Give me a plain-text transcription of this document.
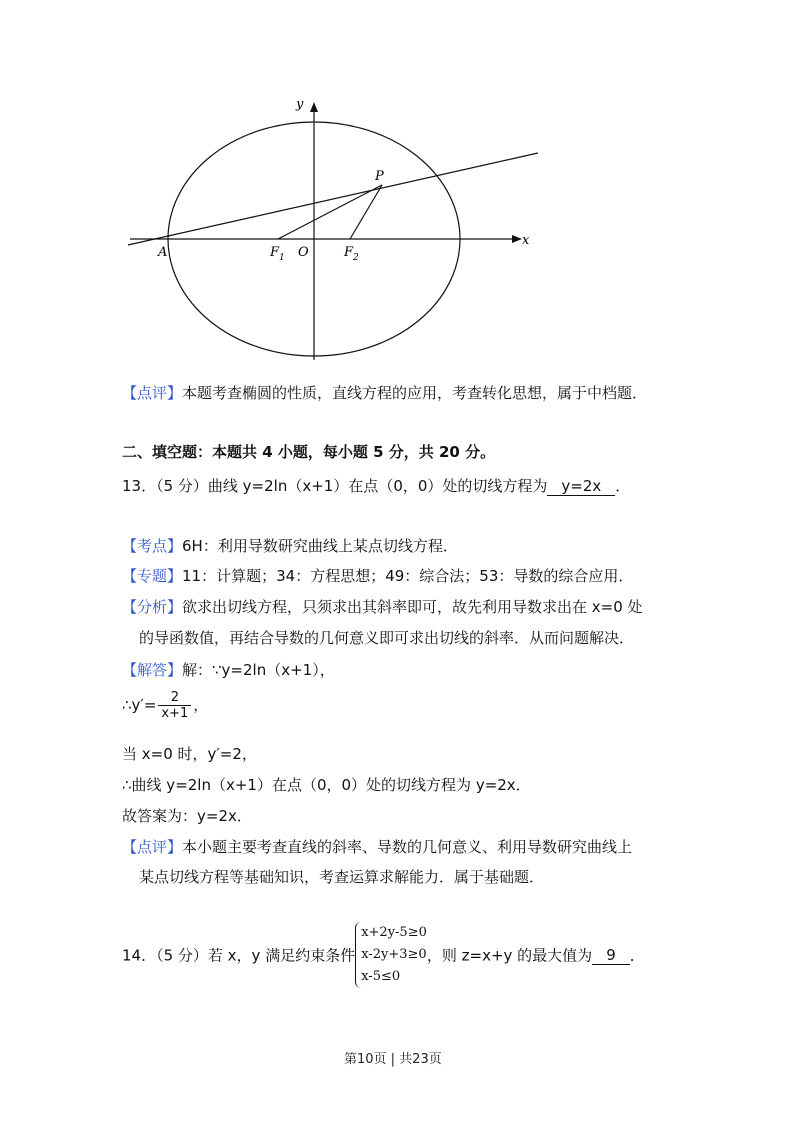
y
x
P
A	F 1 O	F 2
【点评】本题考查椭圆的性质，直线方程的应用，考查转化思想，属于中档题．
二、填空题：本题共 4 小题，每小题 5 分，共 20 分。
13．（5 分）曲线 y=2ln（x+1）在点（0，0）处的切线方程为 y=2x ．
【考点】6H：利用导数研究曲线上某点切线方程．
【专题】11：计算题；34：方程思想；49：综合法；53：导数的综合应用．
【分析】欲求出切线方程，只须求出其斜率即可，故先利用导数求出在 x=0 处
的导函数值，再结合导数的几何意义即可求出切线的斜率．从而问题解决．
【解答】解：∵y=2ln（x+1），
∴y′= $\frac{2}{x+1}$ ，
当 x=0 时，y′=2，
∴曲线 y=2ln（x+1）在点（0，0）处的切线方程为 y=2x．
故答案为：y=2x．
【点评】本小题主要考查直线的斜率、导数的几何意义、利用导数研究曲线上
某点切线方程等基础知识，考查运算求解能力．属于基础题．
14．（5 分）若 x，y 满足约束条件
x+2y-5≥0
x-2y+3≥0
x-5≤0
，则 z=x+y 的最大值为 9 ．
第10页 | 共23页
